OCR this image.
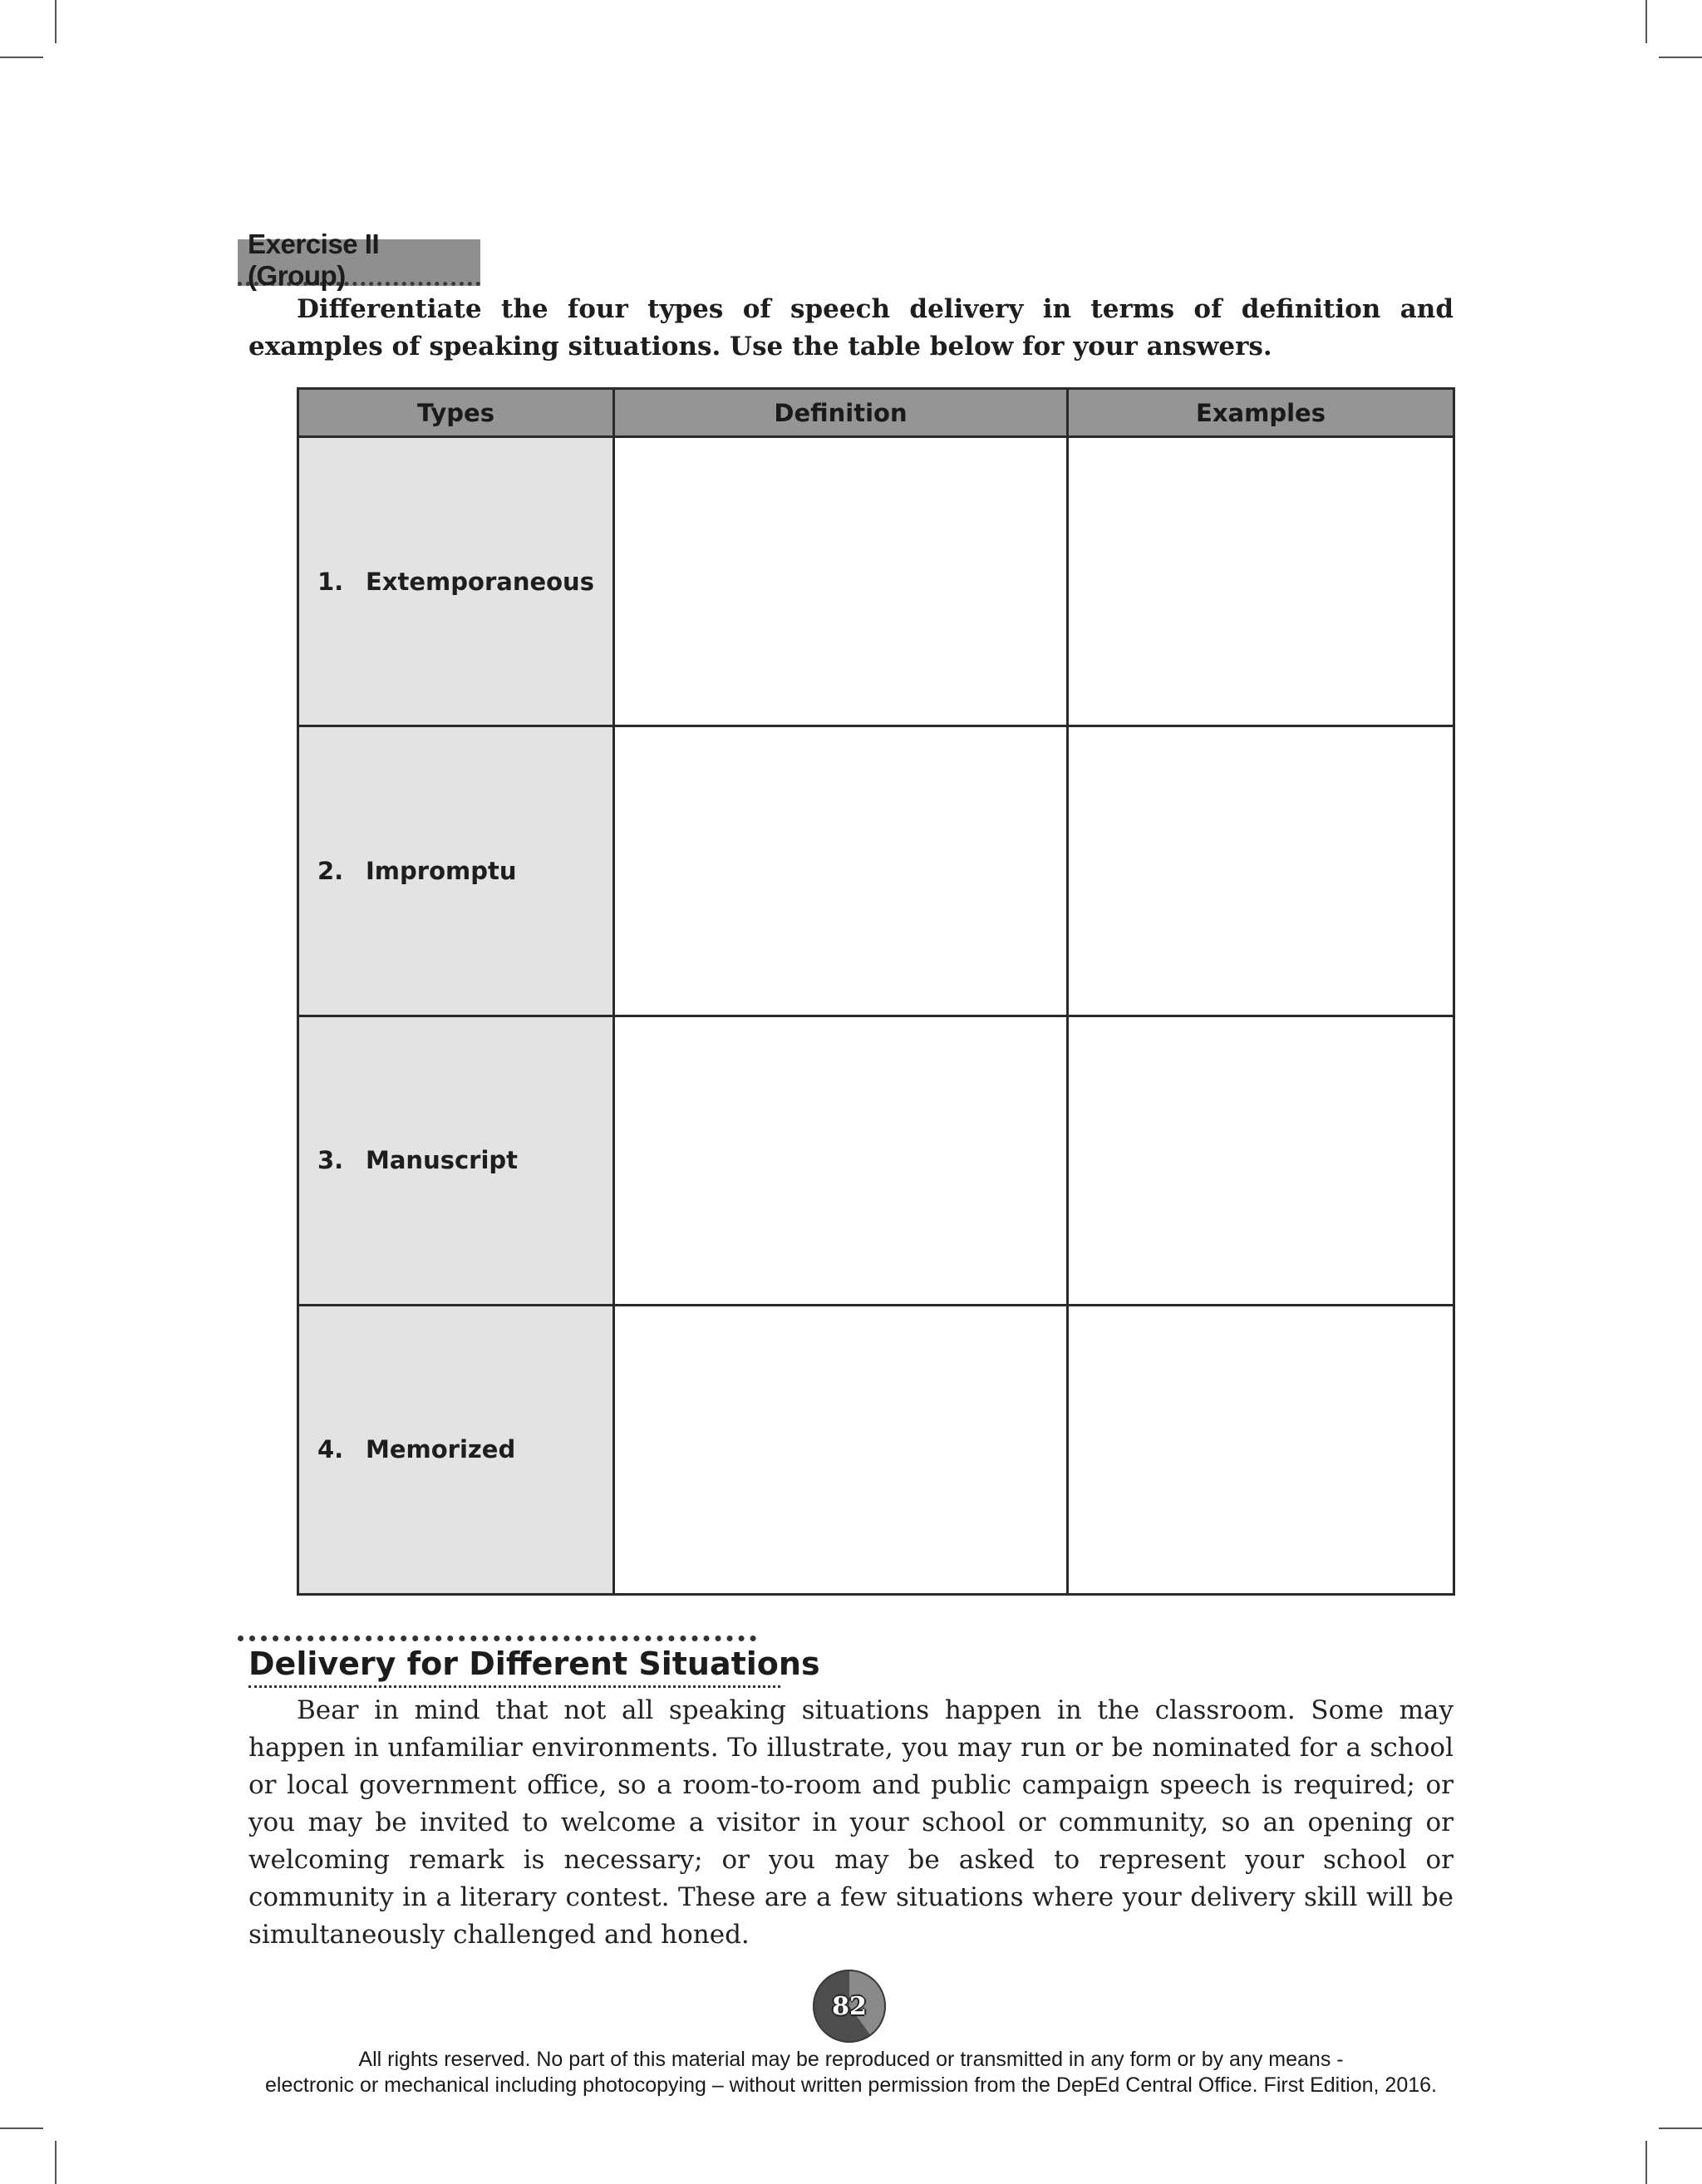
Exercise II (Group)

Differentiate the four types of speech delivery in terms of definition and examples of speaking situations. Use the table below for your answers.

Types	Definition	Examples
1. Extemporaneous		
2. Impromptu		
3. Manuscript		
4. Memorized		
Delivery for Different Situations

Bear in mind that not all speaking situations happen in the classroom. Some may happen in unfamiliar environments. To illustrate, you may run or be nominated for a school or local government office, so a room-to-room and public campaign speech is required; or you may be invited to welcome a visitor in your school or community, so an opening or welcoming remark is necessary; or you may be asked to represent your school or community in a literary contest. These are a few situations where your delivery skill will be simultaneously challenged and honed.

82
All rights reserved. No part of this material may be reproduced or transmitted in any form or by any means -
electronic or mechanical including photocopying – without written permission from the DepEd Central Office. First Edition, 2016.
